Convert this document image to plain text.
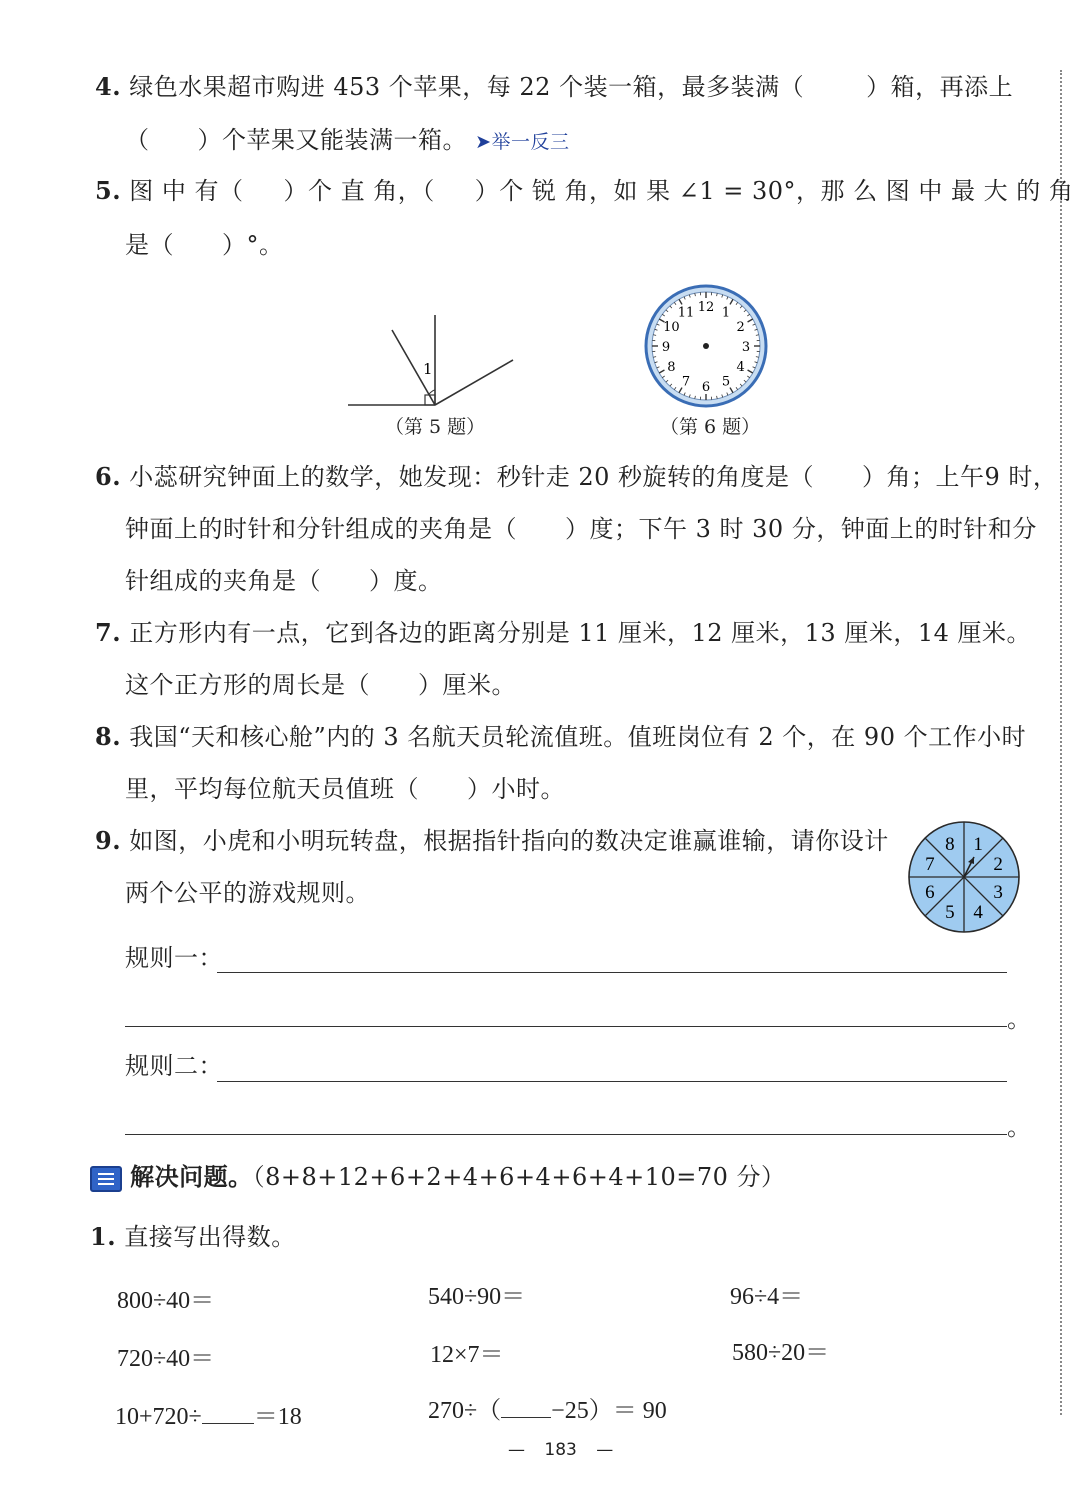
4. 绿色水果超市购进 453 个苹果，每 22 个装一箱，最多装满（	）箱，再添上
（ ）个苹果又能装满一箱。 ➤举一反三
5. 图 中 有（ ）个 直 角，（ ）个 锐 角，如 果 ∠1 = 30°，那 么 图 中 最 大 的 角
是（ ）°。
1
（第 5 题）
12 1
2
3
4
5
6
7
8
9
10
11
（第 6 题）
6. 小蕊研究钟面上的数学，她发现：秒针走 20 秒旋转的角度是（ ）角；上午9 时，
钟面上的时针和分针组成的夹角是（ ）度；下午 3 时 30 分，钟面上的时针和分
针组成的夹角是（ ）度。
7. 正方形内有一点，它到各边的距离分别是 11 厘米，12 厘米，13 厘米，14 厘米。
这个正方形的周长是（ ）厘米。
8. 我国“天和核心舱”内的 3 名航天员轮流值班。值班岗位有 2 个，在 90 个工作小时
里，平均每位航天员值班（ ）小时。
9. 如图，小虎和小明玩转盘，根据指针指向的数决定谁赢谁输，请你设计
两个公平的游戏规则。
1
2
3
4
5
6
7
8
规则一：
。
规则二：
。
解决问题。（8+8+12+6+2+4+6+4+6+4+10=70 分）
1. 直接写出得数。
800÷40＝	540÷90＝	96÷4＝
720÷40＝	12×7＝	580÷20＝
10+720÷ ＝18	270÷（ −25）＝ 90
— 183 —
